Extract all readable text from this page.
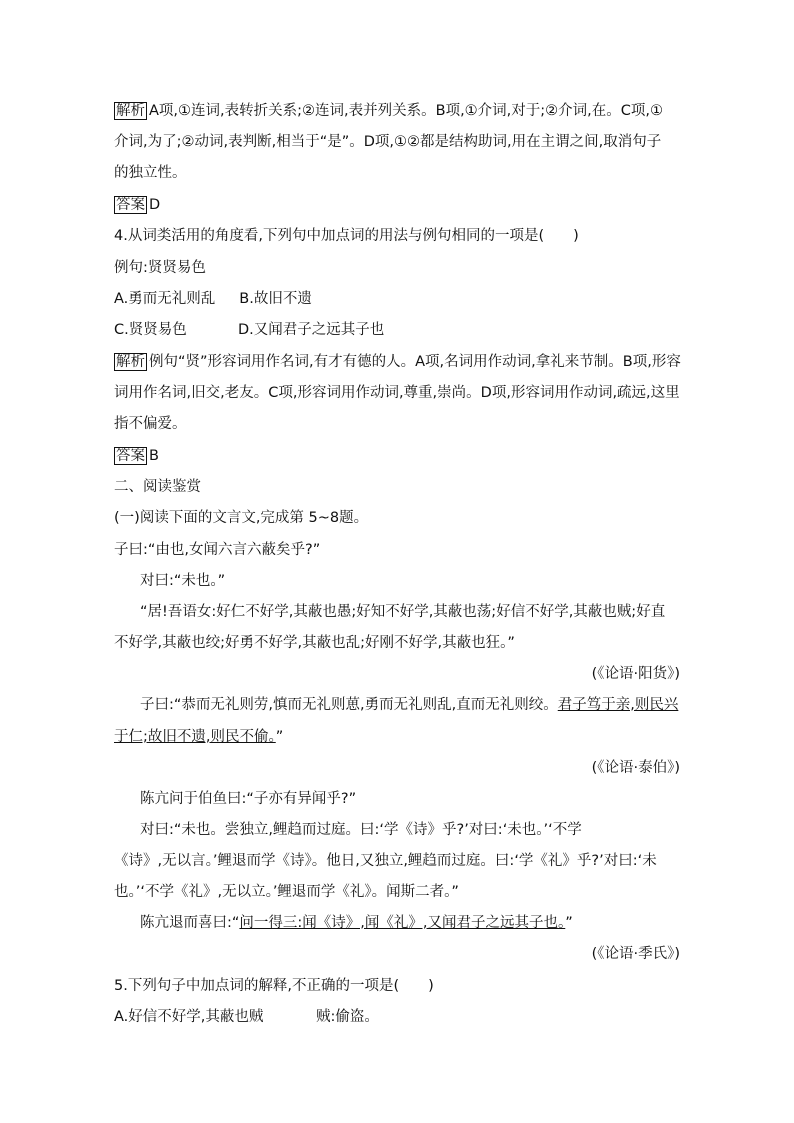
解析 A项,①连词,表转折关系;②连词,表并列关系。B项,①介词,对于;②介词,在。C项,①
介词,为了;②动词,表判断,相当于“是”。D项,①②都是结构助词,用在主谓之间,取消句子
的独立性。
答案 D
4.从词类活用的角度看,下列句中加点词的用法与例句相同的一项是(　　)
例句:贤贤易色
A.勇而无礼则乱 B.故旧不遗
C.贤贤易色	D.又闻君子之远其子也
解析 例句“贤”形容词用作名词,有才有德的人。A项,名词用作动词,拿礼来节制。B项,形容
词用作名词,旧交,老友。C项,形容词用作动词,尊重,崇尚。D项,形容词用作动词,疏远,这里
指不偏爱。
答案 B
二、阅读鉴赏
(一)阅读下面的文言文,完成第 5~8题。
子曰:“由也,女闻六言六蔽矣乎?”
对曰:“未也。”
“居!吾语女:好仁不好学,其蔽也愚;好知不好学,其蔽也荡;好信不好学,其蔽也贼;好直
不好学,其蔽也绞;好勇不好学,其蔽也乱;好刚不好学,其蔽也狂。”
(《论语·阳货》)
子曰:“恭而无礼则劳,慎而无礼则葸,勇而无礼则乱,直而无礼则绞。君子笃于亲,则民兴
于仁;故旧不遗,则民不偷。”
(《论语·泰伯》)
陈亢问于伯鱼曰:“子亦有异闻乎?”
对曰:“未也。尝独立,鲤趋而过庭。曰:‘学《诗》乎?’对曰:‘未也。’‘不学
《诗》,无以言。’鲤退而学《诗》。他日,又独立,鲤趋而过庭。曰:‘学《礼》乎?’对曰:‘未
也。’‘不学《礼》,无以立。’鲤退而学《礼》。闻斯二者。”
陈亢退而喜曰:“问一得三:闻《诗》,闻《礼》,又闻君子之远其子也。”
(《论语·季氏》)
5.下列句子中加点词的解释,不正确的一项是(　　)
A.好信不好学,其蔽也贼	贼:偷盗。
